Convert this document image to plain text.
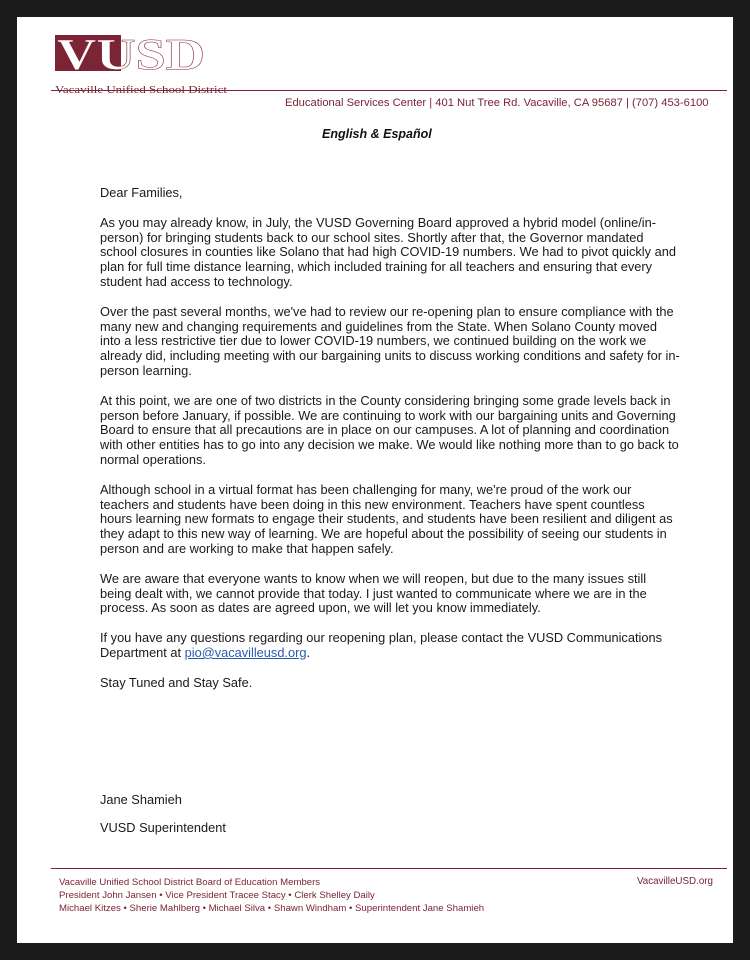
VUSD
Vacaville Unified School District
Educational Services Center | 401 Nut Tree Rd. Vacaville, CA 95687 | (707) 453-6100
English & Español

Dear Families,

As you may already know, in July, the VUSD Governing Board approved a hybrid model (online/in-person) for bringing students back to our school sites. Shortly after that, the Governor mandated school closures in counties like Solano that had high COVID-19 numbers. We had to pivot quickly and plan for full time distance learning, which included training for all teachers and ensuring that every student had access to technology.

Over the past several months, we've had to review our re-opening plan to ensure compliance with the many new and changing requirements and guidelines from the State. When Solano County moved into a less restrictive tier due to lower COVID-19 numbers, we continued building on the work we already did, including meeting with our bargaining units to discuss working conditions and safety for in-person learning.

At this point, we are one of two districts in the County considering bringing some grade levels back in person before January, if possible. We are continuing to work with our bargaining units and Governing Board to ensure that all precautions are in place on our campuses. A lot of planning and coordination with other entities has to go into any decision we make. We would like nothing more than to go back to normal operations.

Although school in a virtual format has been challenging for many, we're proud of the work our teachers and students have been doing in this new environment. Teachers have spent countless hours learning new formats to engage their students, and students have been resilient and diligent as they adapt to this new way of learning. We are hopeful about the possibility of seeing our students in person and are working to make that happen safely.

We are aware that everyone wants to know when we will reopen, but due to the many issues still being dealt with, we cannot provide that today. I just wanted to communicate where we are in the process. As soon as dates are agreed upon, we will let you know immediately.

If you have any questions regarding our reopening plan, please contact the VUSD Communications Department at pio@vacavilleusd.org.

Stay Tuned and Stay Safe.

Jane Shamieh
VUSD Superintendent
Vacaville Unified School District Board of Education Members
President John Jansen • Vice President Tracee Stacy • Clerk Shelley Daily
Michael Kitzes • Sherie Mahlberg • Michael Silva • Shawn Windham • Superintendent Jane Shamieh
VacavilleUSD.org
